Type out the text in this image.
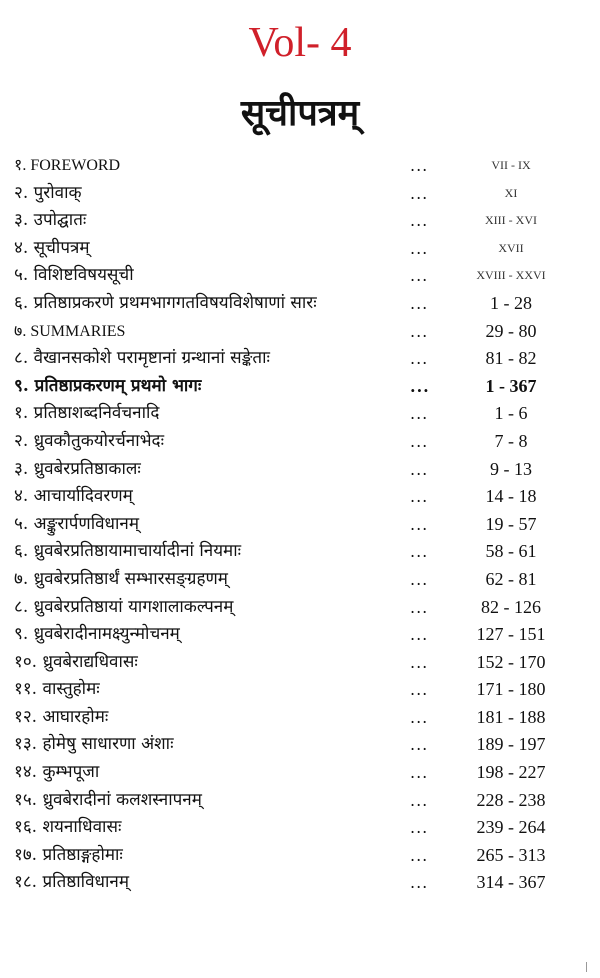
Vol- 4
सूचीपत्रम्
१. FOREWORD	...	VII - IX
२. पुरोवाक्	...	XI
३. उपोद्घातः	...	XIII - XVI
४. सूचीपत्रम्	...	XVII
५. विशिष्टविषयसूची	...	XVIII - XXVI
६. प्रतिष्ठाप्रकरणे प्रथमभागगतविषयविशेषाणां सारः	...	1 - 28
७. SUMMARIES	...	29 - 80
८. वैखानसकोशे परामृष्टानां ग्रन्थानां सङ्केताः	...	81 - 82
९. प्रतिष्ठाप्रकरणम् प्रथमो भागः	...	1 - 367
१. प्रतिष्ठाशब्दनिर्वचनादि	...	1 - 6
२. ध्रुवकौतुकयोरर्चनाभेदः	...	7 - 8
३. ध्रुवबेरप्रतिष्ठाकालः	...	9 - 13
४. आचार्यादिवरणम्	...	14 - 18
५. अङ्कुरार्पणविधानम्	...	19 - 57
६. ध्रुवबेरप्रतिष्ठायामाचार्यादीनां नियमाः	...	58 - 61
७. ध्रुवबेरप्रतिष्ठार्थं सम्भारसङ्ग्रहणम्	...	62 - 81
८. ध्रुवबेरप्रतिष्ठायां यागशालाकल्पनम्	...	82 - 126
९. ध्रुवबेरादीनामक्ष्युन्मोचनम्	...	127 - 151
१०. ध्रुवबेराद्यधिवासः	...	152 - 170
११. वास्तुहोमः	...	171 - 180
१२. आघारहोमः	...	181 - 188
१३. होमेषु साधारणा अंशाः	...	189 - 197
१४. कुम्भपूजा	...	198 - 227
१५. ध्रुवबेरादीनां कलशस्नापनम्	...	228 - 238
१६. शयनाधिवासः	...	239 - 264
१७. प्रतिष्ठाङ्गहोमाः	...	265 - 313
१८. प्रतिष्ठाविधानम्	...	314 - 367
